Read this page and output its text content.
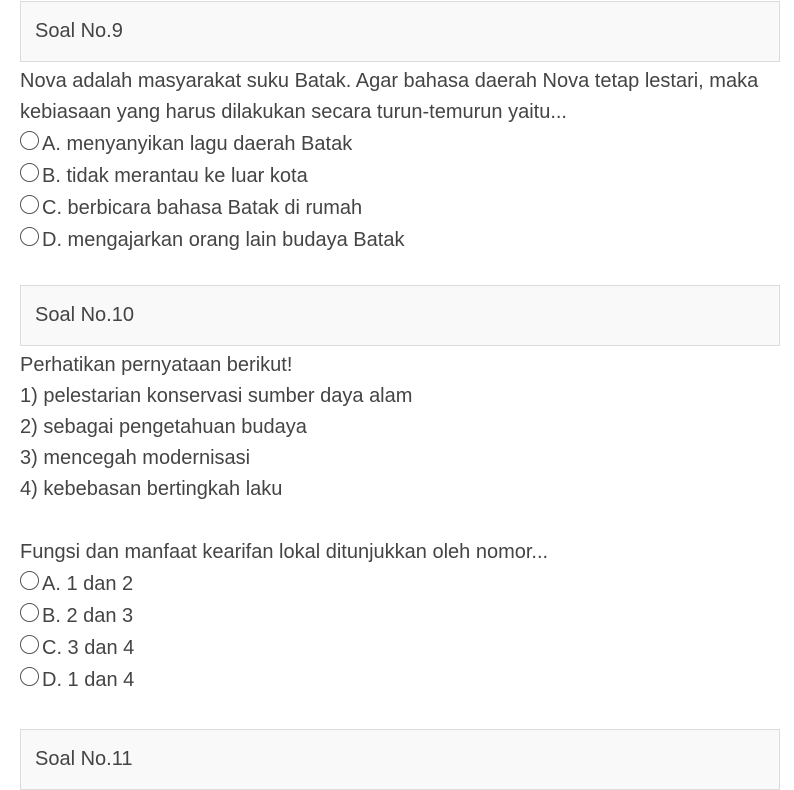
Soal No.9

Nova adalah masyarakat suku Batak. Agar bahasa daerah Nova tetap lestari, maka kebiasaan yang harus dilakukan secara turun-temurun yaitu...

A. menyanyikan lagu daerah Batak
B. tidak merantau ke luar kota
C. berbicara bahasa Batak di rumah
D. mengajarkan orang lain budaya Batak
Soal No.10

Perhatikan pernyataan berikut!

1) pelestarian konservasi sumber daya alam

2) sebagai pengetahuan budaya

3) mencegah modernisasi

4) kebebasan bertingkah laku

Fungsi dan manfaat kearifan lokal ditunjukkan oleh nomor...

A. 1 dan 2
B. 2 dan 3
C. 3 dan 4
D. 1 dan 4
Soal No.11
